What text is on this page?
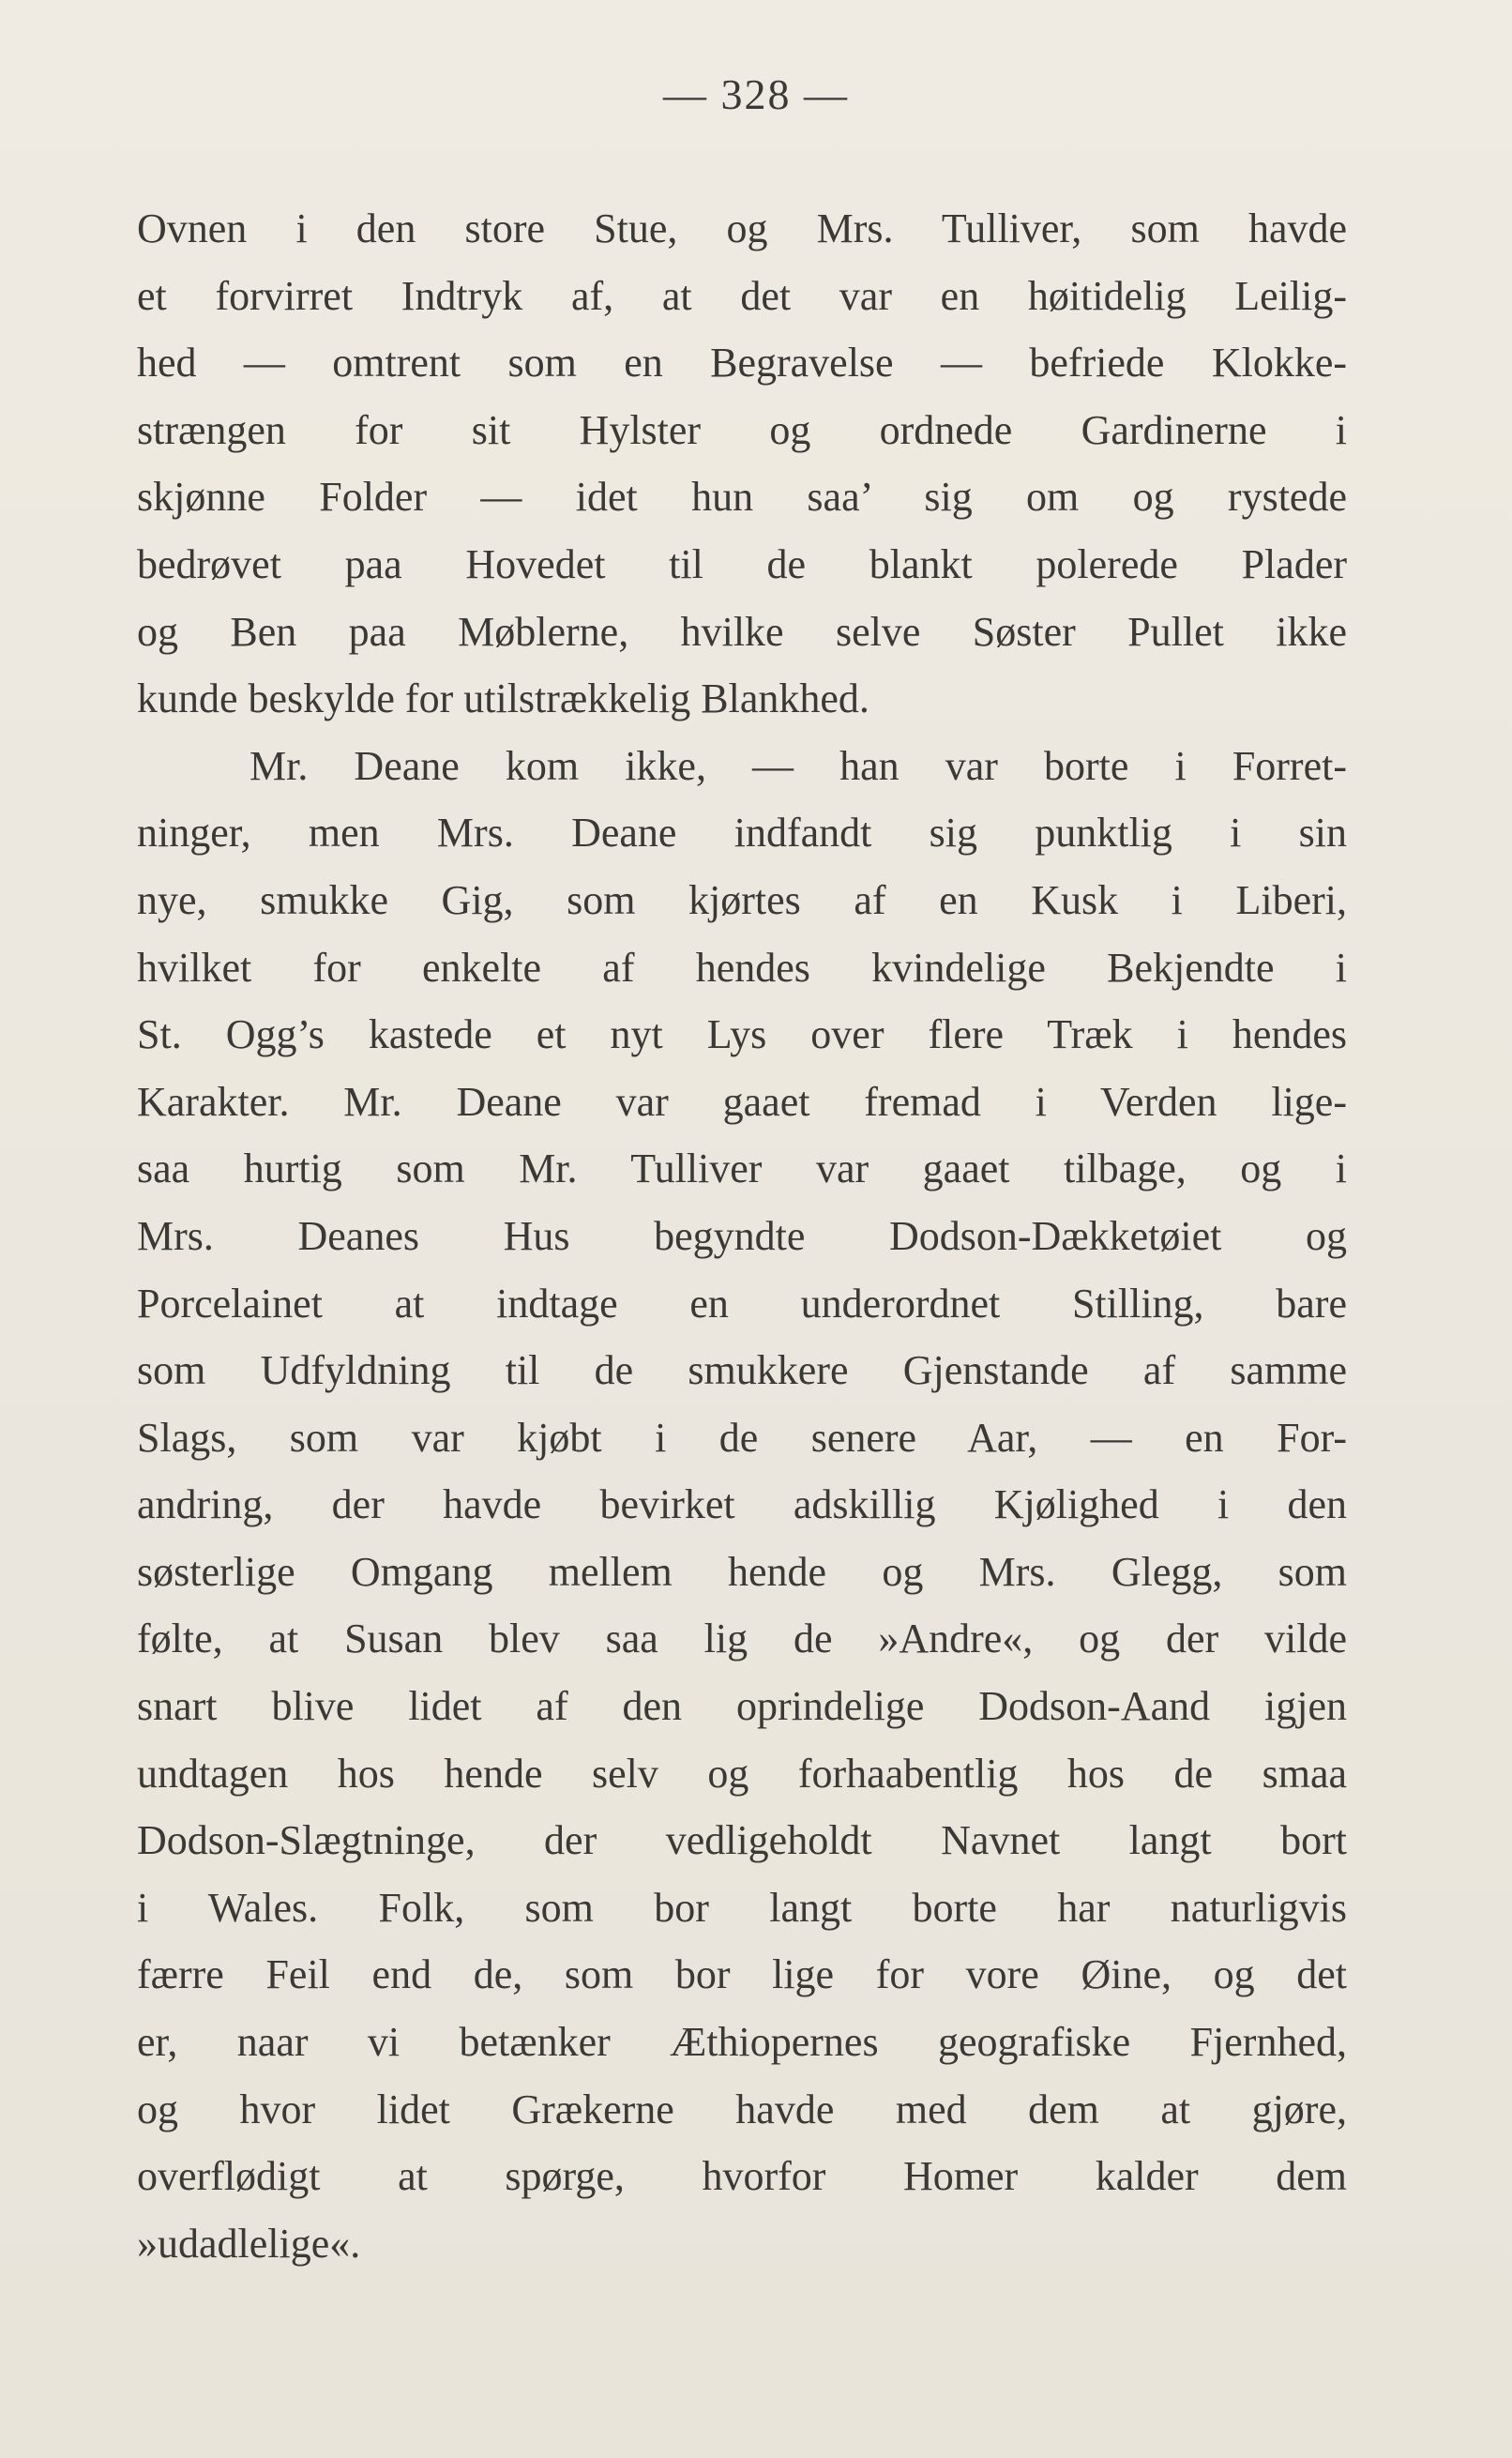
— 328 —
Ovnen i den store Stue, og Mrs. Tulliver, som havde
et forvirret Indtryk af, at det var en høitidelig Leilig-
hed — omtrent som en Begravelse — befriede Klokke-
strængen for sit Hylster og ordnede Gardinerne i
skjønne Folder — idet hun saa’ sig om og rystede
bedrøvet paa Hovedet til de blankt polerede Plader
og Ben paa Møblerne, hvilke selve Søster Pullet ikke
kunde beskylde for utilstrækkelig Blankhed.
Mr. Deane kom ikke, — han var borte i Forret-
ninger, men Mrs. Deane indfandt sig punktlig i sin
nye, smukke Gig, som kjørtes af en Kusk i Liberi,
hvilket for enkelte af hendes kvindelige Bekjendte i
St. Ogg’s kastede et nyt Lys over flere Træk i hendes
Karakter. Mr. Deane var gaaet fremad i Verden lige-
saa hurtig som Mr. Tulliver var gaaet tilbage, og i
Mrs. Deanes Hus begyndte Dodson-Dækketøiet og
Porcelainet at indtage en underordnet Stilling, bare
som Udfyldning til de smukkere Gjenstande af samme
Slags, som var kjøbt i de senere Aar, — en For-
andring, der havde bevirket adskillig Kjølighed i den
søsterlige Omgang mellem hende og Mrs. Glegg, som
følte, at Susan blev saa lig de »Andre«, og der vilde
snart blive lidet af den oprindelige Dodson-Aand igjen
undtagen hos hende selv og forhaabentlig hos de smaa
Dodson-Slægtninge, der vedligeholdt Navnet langt bort
i Wales. Folk, som bor langt borte har naturligvis
færre Feil end de, som bor lige for vore Øine, og det
er, naar vi betænker Æthiopernes geografiske Fjernhed,
og hvor lidet Grækerne havde med dem at gjøre,
overflødigt at spørge, hvorfor Homer kalder dem
»udadlelige«.
